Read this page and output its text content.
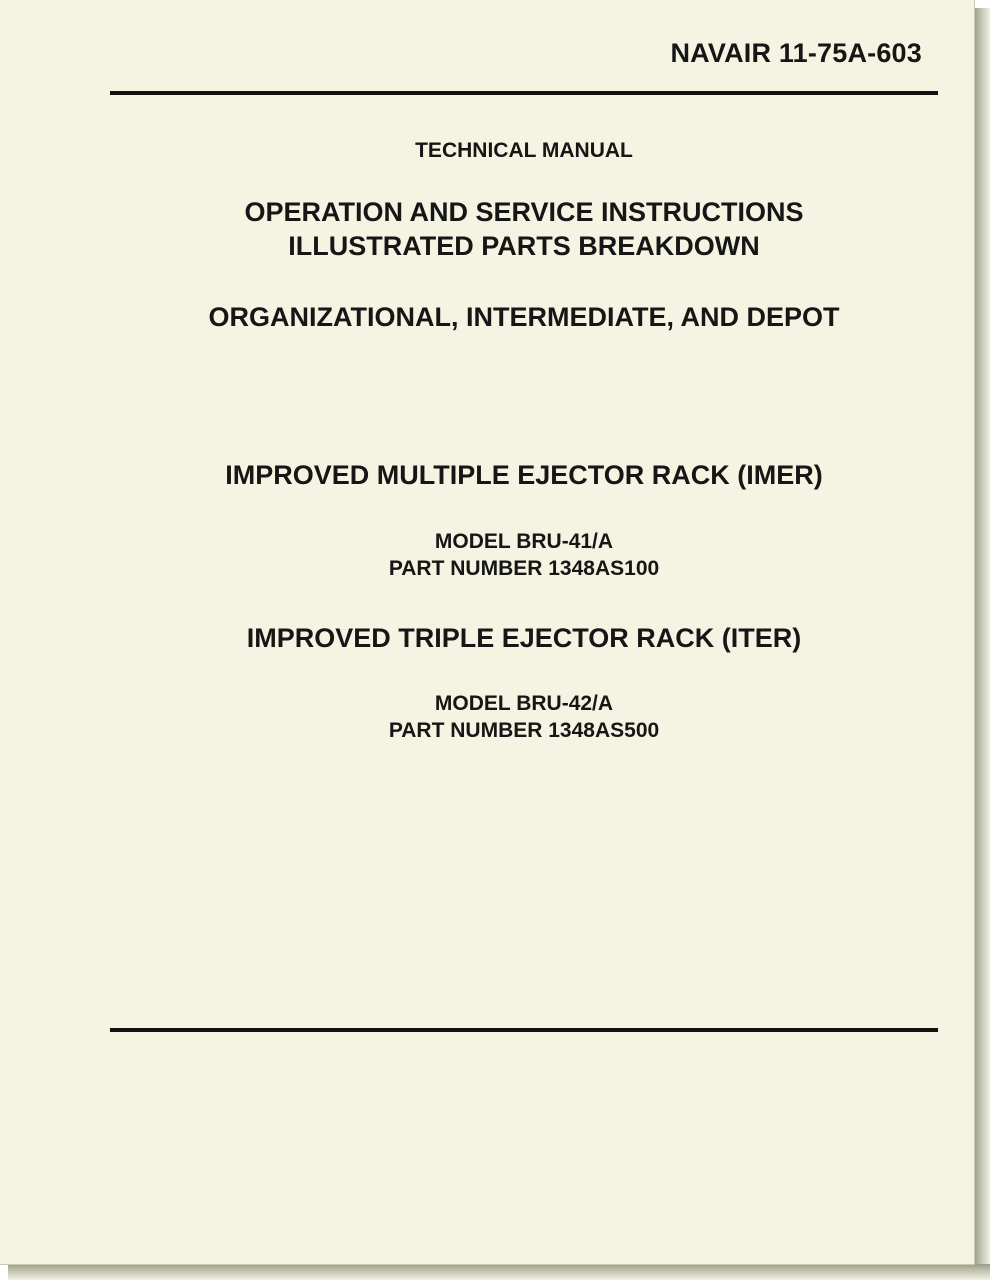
NAVAIR 11-75A-603
TECHNICAL MANUAL
OPERATION AND SERVICE INSTRUCTIONS
ILLUSTRATED PARTS BREAKDOWN
ORGANIZATIONAL, INTERMEDIATE, AND DEPOT
IMPROVED MULTIPLE EJECTOR RACK (IMER)
MODEL BRU-41/A
PART NUMBER 1348AS100
IMPROVED TRIPLE EJECTOR RACK (ITER)
MODEL BRU-42/A
PART NUMBER 1348AS500
